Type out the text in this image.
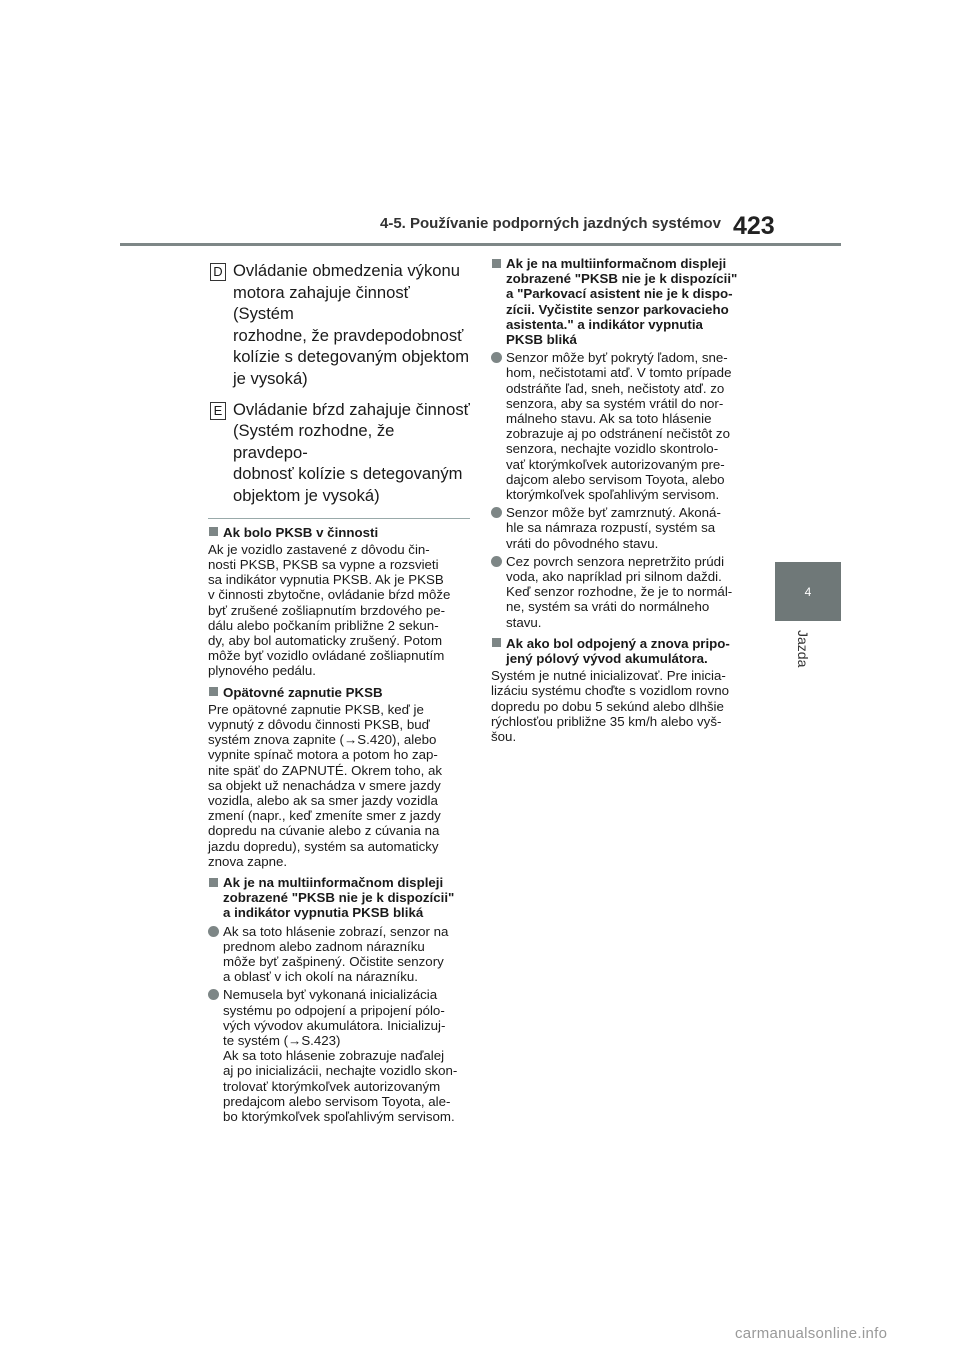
4-5. Používanie podporných jazdných systémov 423
4
Jazda
D Ovládanie obmedzenia výkonu
motora zahajuje činnosť (Systém
rozhodne, že pravdepodobnosť
kolízie s detegovaným objektom
je vysoká)
E Ovládanie bŕzd zahajuje činnosť
(Systém rozhodne, že pravdepo-
dobnosť kolízie s detegovaným
objektom je vysoká)
Ak bolo PKSB v činnosti
Ak je vozidlo zastavené z dôvodu čin-
nosti PKSB, PKSB sa vypne a rozsvieti
sa indikátor vypnutia PKSB. Ak je PKSB
v činnosti zbytočne, ovládanie bŕzd môže
byť zrušené zošliapnutím brzdového pe-
dálu alebo počkaním približne 2 sekun-
dy, aby bol automaticky zrušený. Potom
môže byť vozidlo ovládané zošliapnutím
plynového pedálu.
Opätovné zapnutie PKSB
Pre opätovné zapnutie PKSB, keď je
vypnutý z dôvodu činnosti PKSB, buď
systém znova zapnite (→S.420), alebo
vypnite spínač motora a potom ho zap-
nite späť do ZAPNUTÉ. Okrem toho, ak
sa objekt už nenachádza v smere jazdy
vozidla, alebo ak sa smer jazdy vozidla
zmení (napr., keď zmeníte smer z jazdy
dopredu na cúvanie alebo z cúvania na
jazdu dopredu), systém sa automaticky
znova zapne.
Ak je na multiinformačnom displeji
zobrazené "PKSB nie je k dispozícii"
a indikátor vypnutia PKSB bliká
Ak sa toto hlásenie zobrazí, senzor na
prednom alebo zadnom nárazníku
môže byť zašpinený. Očistite senzory
a oblasť v ich okolí na nárazníku.
Nemusela byť vykonaná inicializácia
systému po odpojení a pripojení pólo-
vých vývodov akumulátora. Inicializuj-
te systém (→S.423)
Ak sa toto hlásenie zobrazuje naďalej
aj po inicializácii, nechajte vozidlo skon-
trolovať ktorýmkoľvek autorizovaným
predajcom alebo servisom Toyota, ale-
bo ktorýmkoľvek spoľahlivým servisom.
Ak je na multiinformačnom displeji
zobrazené "PKSB nie je k dispozícii"
a "Parkovací asistent nie je k dispo-
zícii. Vyčistite senzor parkovacieho
asistenta." a indikátor vypnutia
PKSB bliká
Senzor môže byť pokrytý ľadom, sne-
hom, nečistotami atď. V tomto prípade
odstráňte ľad, sneh, nečistoty atď. zo
senzora, aby sa systém vrátil do nor-
málneho stavu. Ak sa toto hlásenie
zobrazuje aj po odstránení nečistôt zo
senzora, nechajte vozidlo skontrolo-
vať ktorýmkoľvek autorizovaným pre-
dajcom alebo servisom Toyota, alebo
ktorýmkoľvek spoľahlivým servisom.
Senzor môže byť zamrznutý. Akoná-
hle sa námraza rozpustí, systém sa
vráti do pôvodného stavu.
Cez povrch senzora nepretržito prúdi
voda, ako napríklad pri silnom daždi.
Keď senzor rozhodne, že je to normál-
ne, systém sa vráti do normálneho
stavu.
Ak ako bol odpojený a znova pripo-
jený pólový vývod akumulátora.
Systém je nutné inicializovať. Pre inicia-
lizáciu systému choďte s vozidlom rovno
dopredu po dobu 5 sekúnd alebo dlhšie
rýchlosťou približne 35 km/h alebo vyš-
šou.
carmanualsonline.info
